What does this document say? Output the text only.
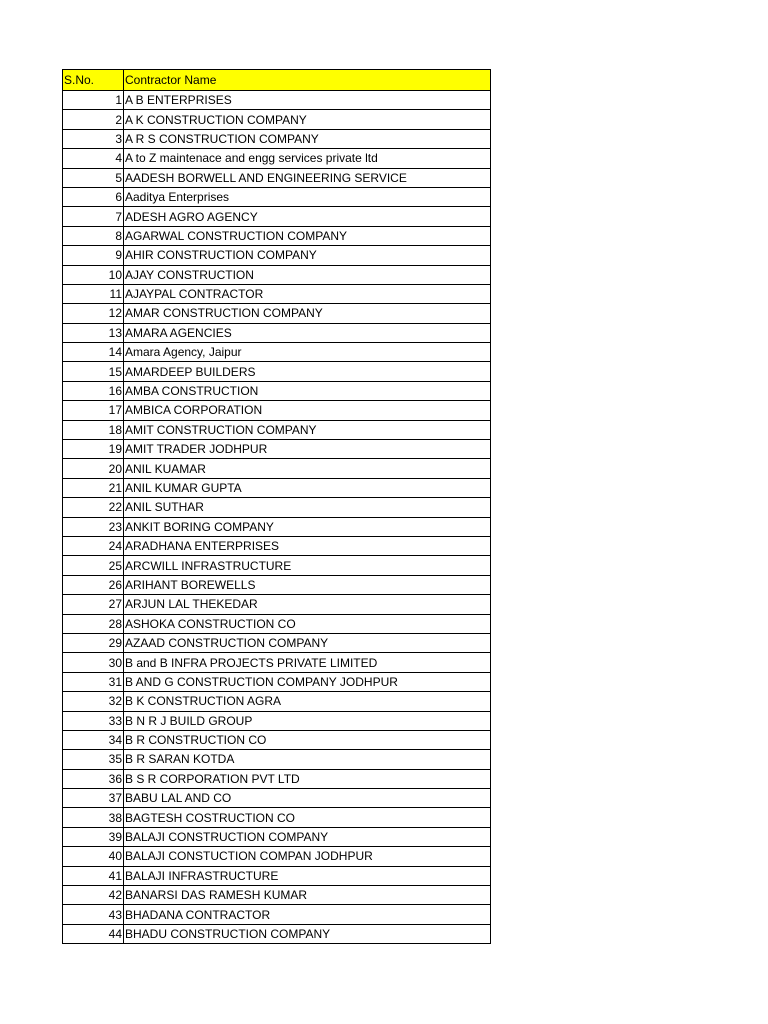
S.No.	Contractor Name
1	A B ENTERPRISES
2	A K CONSTRUCTION COMPANY
3	A R S CONSTRUCTION COMPANY
4	A to Z maintenace and engg services private ltd
5	AADESH BORWELL AND ENGINEERING SERVICE
6	Aaditya Enterprises
7	ADESH AGRO AGENCY
8	AGARWAL CONSTRUCTION COMPANY
9	AHIR CONSTRUCTION COMPANY
10	AJAY CONSTRUCTION
11	AJAYPAL CONTRACTOR
12	AMAR CONSTRUCTION COMPANY
13	AMARA AGENCIES
14	Amara Agency, Jaipur
15	AMARDEEP BUILDERS
16	AMBA CONSTRUCTION
17	AMBICA CORPORATION
18	AMIT CONSTRUCTION COMPANY
19	AMIT TRADER JODHPUR
20	ANIL KUAMAR
21	ANIL KUMAR GUPTA
22	ANIL SUTHAR
23	ANKIT BORING COMPANY
24	ARADHANA ENTERPRISES
25	ARCWILL INFRASTRUCTURE
26	ARIHANT BOREWELLS
27	ARJUN LAL THEKEDAR
28	ASHOKA CONSTRUCTION CO
29	AZAAD CONSTRUCTION COMPANY
30	B and B INFRA PROJECTS PRIVATE LIMITED
31	B AND G CONSTRUCTION COMPANY JODHPUR
32	B K CONSTRUCTION AGRA
33	B N R J BUILD GROUP
34	B R CONSTRUCTION CO
35	B R SARAN KOTDA
36	B S R CORPORATION PVT LTD
37	BABU LAL AND CO
38	BAGTESH COSTRUCTION CO
39	BALAJI CONSTRUCTION COMPANY
40	BALAJI CONSTUCTION COMPAN JODHPUR
41	BALAJI INFRASTRUCTURE
42	BANARSI DAS RAMESH KUMAR
43	BHADANA CONTRACTOR
44	BHADU CONSTRUCTION COMPANY
